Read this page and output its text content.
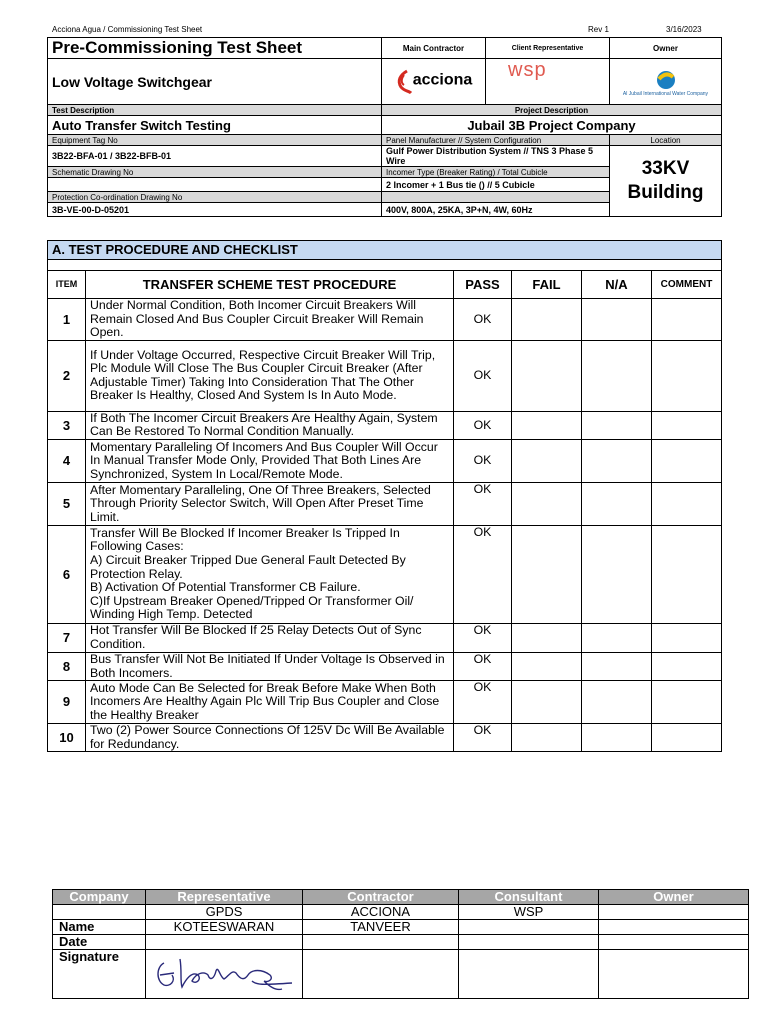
Acciona Agua / Commissioning Test Sheet	Rev 1	3/16/2023
Pre-Commissioning Test Sheet	Main Contractor	Client Representative	Owner
Low Voltage Switchgear	acciona	wsp	Al Jubail International Water Company

Test Description	Project Description		
Auto Transfer Switch Testing	Jubail 3B Project Company		
Equipment Tag No	Panel Manufacturer // System Configuration		Location
3B22-BFA-01 / 3B22-BFB-01	Gulf Power Distribution System // TNS 3 Phase 5 Wire		33KV
Building
Schematic Drawing No	Incomer Type (Breaker Rating) / Total Cubicle		
	2 Incomer + 1 Bus tie () // 5 Cubicle		
Protection Co-ordination Drawing No			
3B-VE-00-D-05201	400V, 800A, 25KA, 3P+N, 4W, 60Hz		
A. TEST PROCEDURE AND CHECKLIST					

ITEM	TRANSFER SCHEME TEST PROCEDURE	PASS	FAIL	N/A	COMMENT
1	Under Normal Condition, Both Incomer Circuit Breakers Will Remain Closed And Bus Coupler Circuit Breaker Will Remain Open.	OK			
2	If Under Voltage Occurred, Respective Circuit Breaker Will Trip, Plc Module Will Close The Bus Coupler Circuit Breaker (After Adjustable Timer) Taking Into Consideration That The Other Breaker Is Healthy, Closed And System Is In Auto Mode.	OK			
3	If Both The Incomer Circuit Breakers Are Healthy Again, System Can Be Restored To Normal Condition Manually.	OK			
4	Momentary Paralleling Of Incomers And Bus Coupler Will Occur In Manual Transfer Mode Only, Provided That Both Lines Are Synchronized, System In Local/Remote Mode.	OK			
5	After Momentary Paralleling, One Of Three Breakers, Selected Through Priority Selector Switch, Will Open After Preset Time Limit.	OK			
6	Transfer Will Be Blocked If Incomer Breaker Is Tripped In Following Cases:
A) Circuit Breaker Tripped Due General Fault Detected By Protection Relay.
B) Activation Of Potential Transformer CB Failure.
C)If Upstream Breaker Opened/Tripped Or Transformer Oil/ Winding High Temp. Detected	OK			
7	Hot Transfer Will Be Blocked If 25 Relay Detects Out of Sync Condition.	OK			
8	Bus Transfer Will Not Be Initiated If Under Voltage Is Observed in Both Incomers.	OK			
9	Auto Mode Can Be Selected for Break Before Make When Both Incomers Are Healthy Again Plc Will Trip Bus Coupler and Close the Healthy Breaker	OK			
10	Two (2) Power Source Connections Of 125V Dc Will Be Available for Redundancy.	OK			
Company	Representative	Contractor	Consultant	Owner
	GPDS	ACCIONA	WSP	
Name	KOTEESWARAN	TANVEER		
Date				
Signature				
